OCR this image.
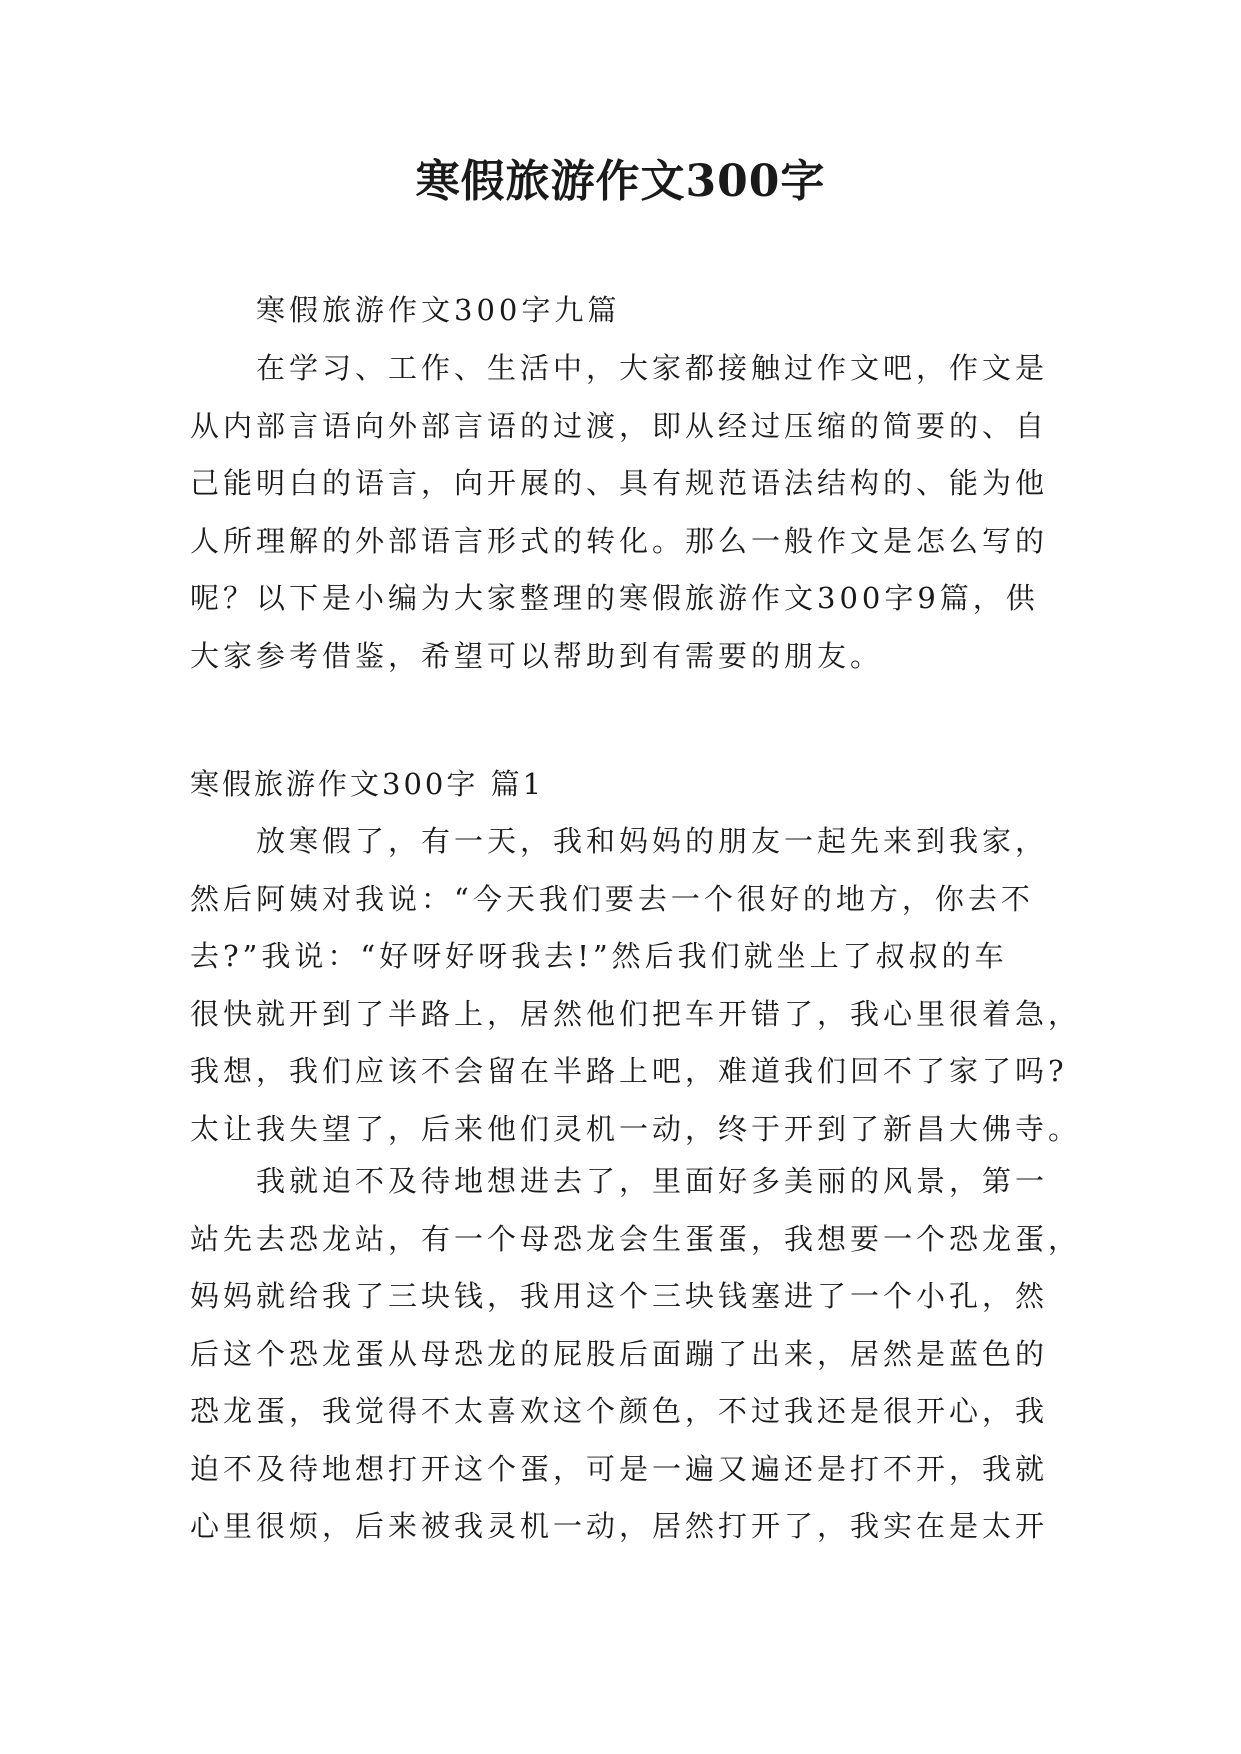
寒假旅游作文300字
寒假旅游作文300字九篇
在学习、工作、生活中，大家都接触过作文吧，作文是
从内部言语向外部言语的过渡，即从经过压缩的简要的、自
己能明白的语言，向开展的、具有规范语法结构的、能为他
人所理解的外部语言形式的转化。那么一般作文是怎么写的
呢？以下是小编为大家整理的寒假旅游作文300字9篇，供
大家参考借鉴，希望可以帮助到有需要的朋友。
寒假旅游作文300字 篇1
放寒假了，有一天，我和妈妈的朋友一起先来到我家，
然后阿姨对我说：“今天我们要去一个很好的地方，你去不
去?”我说：“好呀好呀我去!”然后我们就坐上了叔叔的车
很快就开到了半路上，居然他们把车开错了，我心里很着急，
我想，我们应该不会留在半路上吧，难道我们回不了家了吗?
太让我失望了，后来他们灵机一动，终于开到了新昌大佛寺。
我就迫不及待地想进去了，里面好多美丽的风景，第一
站先去恐龙站，有一个母恐龙会生蛋蛋，我想要一个恐龙蛋，
妈妈就给我了三块钱，我用这个三块钱塞进了一个小孔，然
后这个恐龙蛋从母恐龙的屁股后面蹦了出来，居然是蓝色的
恐龙蛋，我觉得不太喜欢这个颜色，不过我还是很开心，我
迫不及待地想打开这个蛋，可是一遍又遍还是打不开，我就
心里很烦，后来被我灵机一动，居然打开了，我实在是太开
